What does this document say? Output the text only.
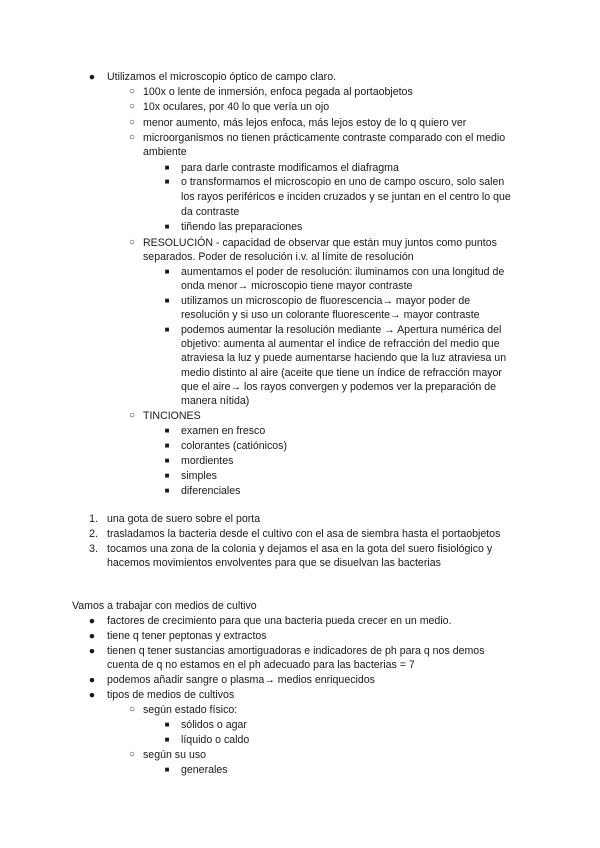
● Utilizamos el microscopio óptico de campo claro.
○ 100x o lente de inmersión, enfoca pegada al portaobjetos
○ 10x oculares, por 40 lo que vería un ojo
○ menor aumento, más lejos enfoca, más lejos estoy de lo q quiero ver
○ microorganismos no tienen prácticamente contraste comparado con el medio
ambiente
■ para darle contraste modificamos el diafragma
■ o transformamos el microscopio en uno de campo oscuro, solo salen
los rayos periféricos e inciden cruzados y se juntan en el centro lo que
da contraste
■ tiñendo las preparaciones
○ RESOLUCIÓN - capacidad de observar que están muy juntos como puntos
separados. Poder de resolución i.v. al límite de resolución
■ aumentamos el poder de resolución: iluminamos con una longitud de
onda menor→ microscopio tiene mayor contraste
■ utilizamos un microscopio de fluorescencia→ mayor poder de
resolución y si uso un colorante fluorescente→ mayor contraste
■ podemos aumentar la resolución mediante → Apertura numérica del
objetivo: aumenta al aumentar el índice de refracción del medio que
atraviesa la luz y puede aumentarse haciendo que la luz atraviesa un
medio distinto al aire (aceite que tiene un índice de refracción mayor
que el aire→ los rayos convergen y podemos ver la preparación de
manera nítida)
○ TINCIONES
■ examen en fresco
■ colorantes (catiónicos)
■ mordientes
■ simples
■ diferenciales
1. una gota de suero sobre el porta
2. trasladamos la bacteria desde el cultivo con el asa de siembra hasta el portaobjetos
3. tocamos una zona de la colonia y dejamos el asa en la gota del suero fisiológico y
hacemos movimientos envolventes para que se disuelvan las bacterias
Vamos a trabajar con medios de cultivo
● factores de crecimiento para que una bacteria pueda crecer en un medio.
● tiene q tener peptonas y extractos
● tienen q tener sustancias amortiguadoras e indicadores de ph para q nos demos
cuenta de q no estamos en el ph adecuado para las bacterias = 7
● podemos añadir sangre o plasma→ medios enriquecidos
● tipos de medios de cultivos
○ según estado físico:
■ sólidos o agar
■ líquido o caldo
○ según su uso
■ generales
